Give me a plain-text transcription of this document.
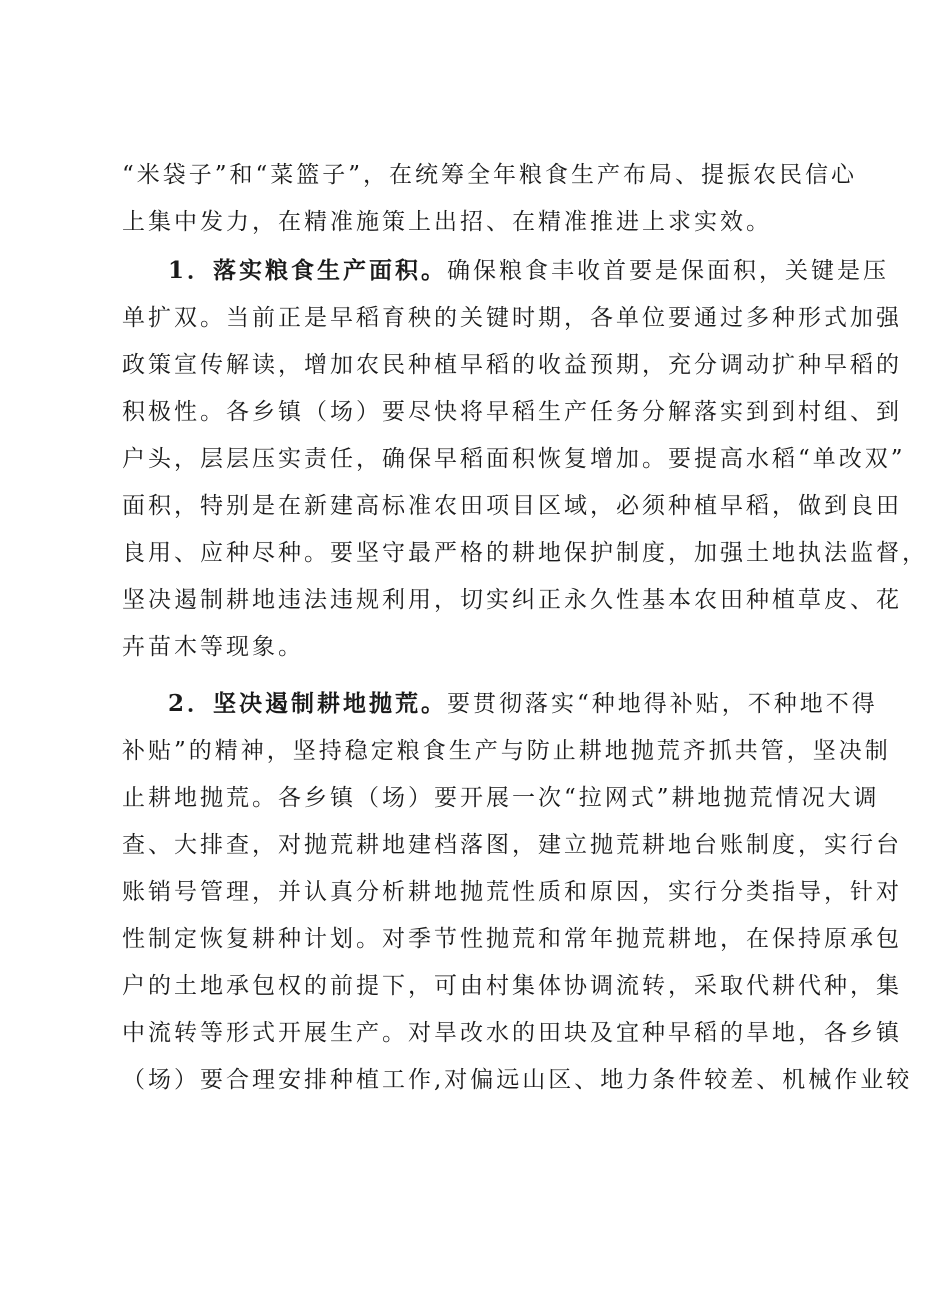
“米袋子”和“菜篮子”，在统筹全年粮食生产布局、提振农民信心
上集中发力，在精准施策上出招、在精准推进上求实效。
1．落实粮食生产面积。确保粮食丰收首要是保面积，关键是压
单扩双。当前正是早稻育秧的关键时期，各单位要通过多种形式加强
政策宣传解读，增加农民种植早稻的收益预期，充分调动扩种早稻的
积极性。各乡镇（场）要尽快将早稻生产任务分解落实到到村组、到
户头，层层压实责任，确保早稻面积恢复增加。要提高水稻“单改双”
面积，特别是在新建高标准农田项目区域，必须种植早稻，做到良田
良用、应种尽种。要坚守最严格的耕地保护制度，加强土地执法监督，
坚决遏制耕地违法违规利用，切实纠正永久性基本农田种植草皮、花
卉苗木等现象。
2．坚决遏制耕地抛荒。要贯彻落实“种地得补贴，不种地不得
补贴”的精神，坚持稳定粮食生产与防止耕地抛荒齐抓共管，坚决制
止耕地抛荒。各乡镇（场）要开展一次“拉网式”耕地抛荒情况大调
查、大排查，对抛荒耕地建档落图，建立抛荒耕地台账制度，实行台
账销号管理，并认真分析耕地抛荒性质和原因，实行分类指导，针对
性制定恢复耕种计划。对季节性抛荒和常年抛荒耕地，在保持原承包
户的土地承包权的前提下，可由村集体协调流转，采取代耕代种，集
中流转等形式开展生产。对旱改水的田块及宜种早稻的旱地，各乡镇
（场）要合理安排种植工作,对偏远山区、地力条件较差、机械作业较
